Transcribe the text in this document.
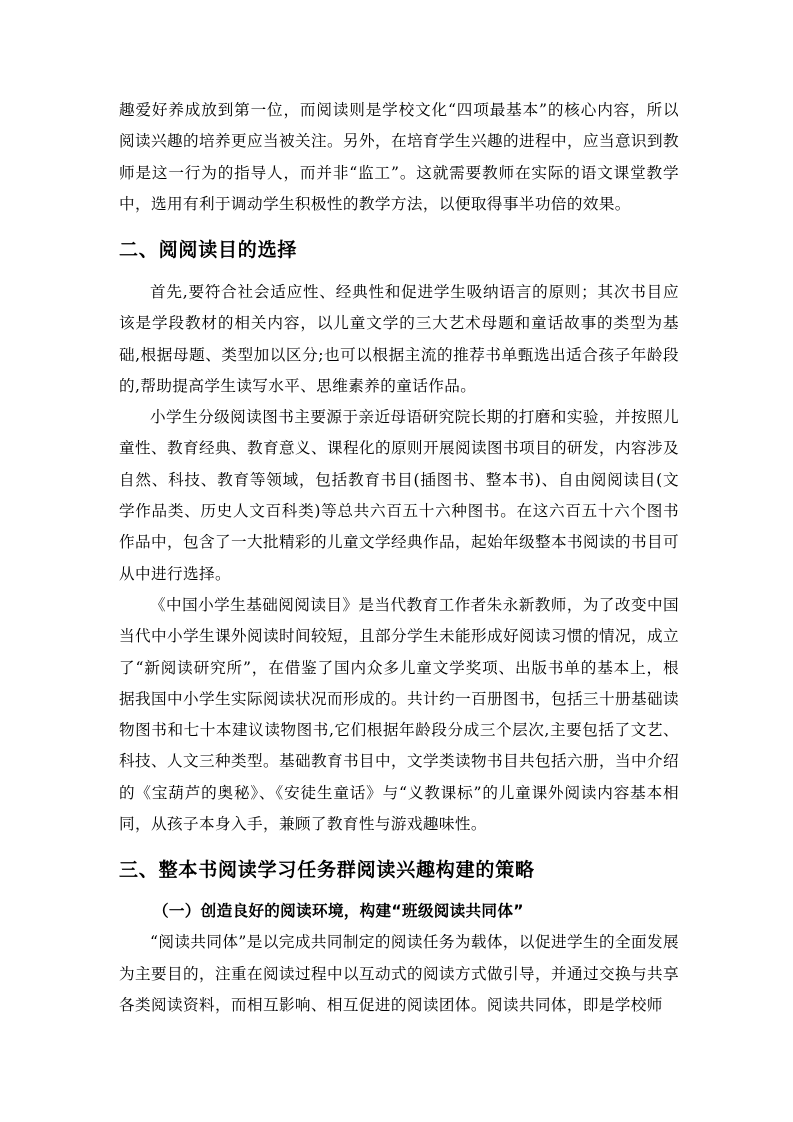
趣爱好养成放到第一位，而阅读则是学校文化“四项最基本”的核心内容，所以阅读兴趣的培养更应当被关注。另外，在培育学生兴趣的进程中，应当意识到教师是这一行为的指导人，而并非“监工”。这就需要教师在实际的语文课堂教学中，选用有利于调动学生积极性的教学方法，以便取得事半功倍的效果。

二、阅阅读目的选择

首先,要符合社会适应性、经典性和促进学生吸纳语言的原则；其次书目应该是学段教材的相关内容，以儿童文学的三大艺术母题和童话故事的类型为基础,根据母题、类型加以区分;也可以根据主流的推荐书单甄选出适合孩子年龄段的,帮助提高学生读写水平、思维素养的童话作品。

小学生分级阅读图书主要源于亲近母语研究院长期的打磨和实验，并按照儿童性、教育经典、教育意义、课程化的原则开展阅读图书项目的研发，内容涉及自然、科技、教育等领域，包括教育书目(插图书、整本书)、自由阅阅读目(文学作品类、历史人文百科类)等总共六百五十六种图书。在这六百五十六个图书作品中，包含了一大批精彩的儿童文学经典作品，起始年级整本书阅读的书目可从中进行选择。

《中国小学生基础阅阅读目》是当代教育工作者朱永新教师，为了改变中国当代中小学生课外阅读时间较短，且部分学生未能形成好阅读习惯的情况，成立了“新阅读研究所”，在借鉴了国内众多儿童文学奖项、出版书单的基本上，根据我国中小学生实际阅读状况而形成的。共计约一百册图书，包括三十册基础读物图书和七十本建议读物图书,它们根据年龄段分成三个层次,主要包括了文艺、科技、人文三种类型。基础教育书目中，文学类读物书目共包括六册，当中介绍的《宝葫芦的奥秘》、《安徒生童话》与“义教课标”的儿童课外阅读内容基本相同，从孩子本身入手，兼顾了教育性与游戏趣味性。

三、整本书阅读学习任务群阅读兴趣构建的策略
（一）创造良好的阅读环境，构建“班级阅读共同体”

“阅读共同体”是以完成共同制定的阅读任务为载体，以促进学生的全面发展为主要目的，注重在阅读过程中以互动式的阅读方式做引导，并通过交换与共享各类阅读资料，而相互影响、相互促进的阅读团体。阅读共同体，即是学校师
